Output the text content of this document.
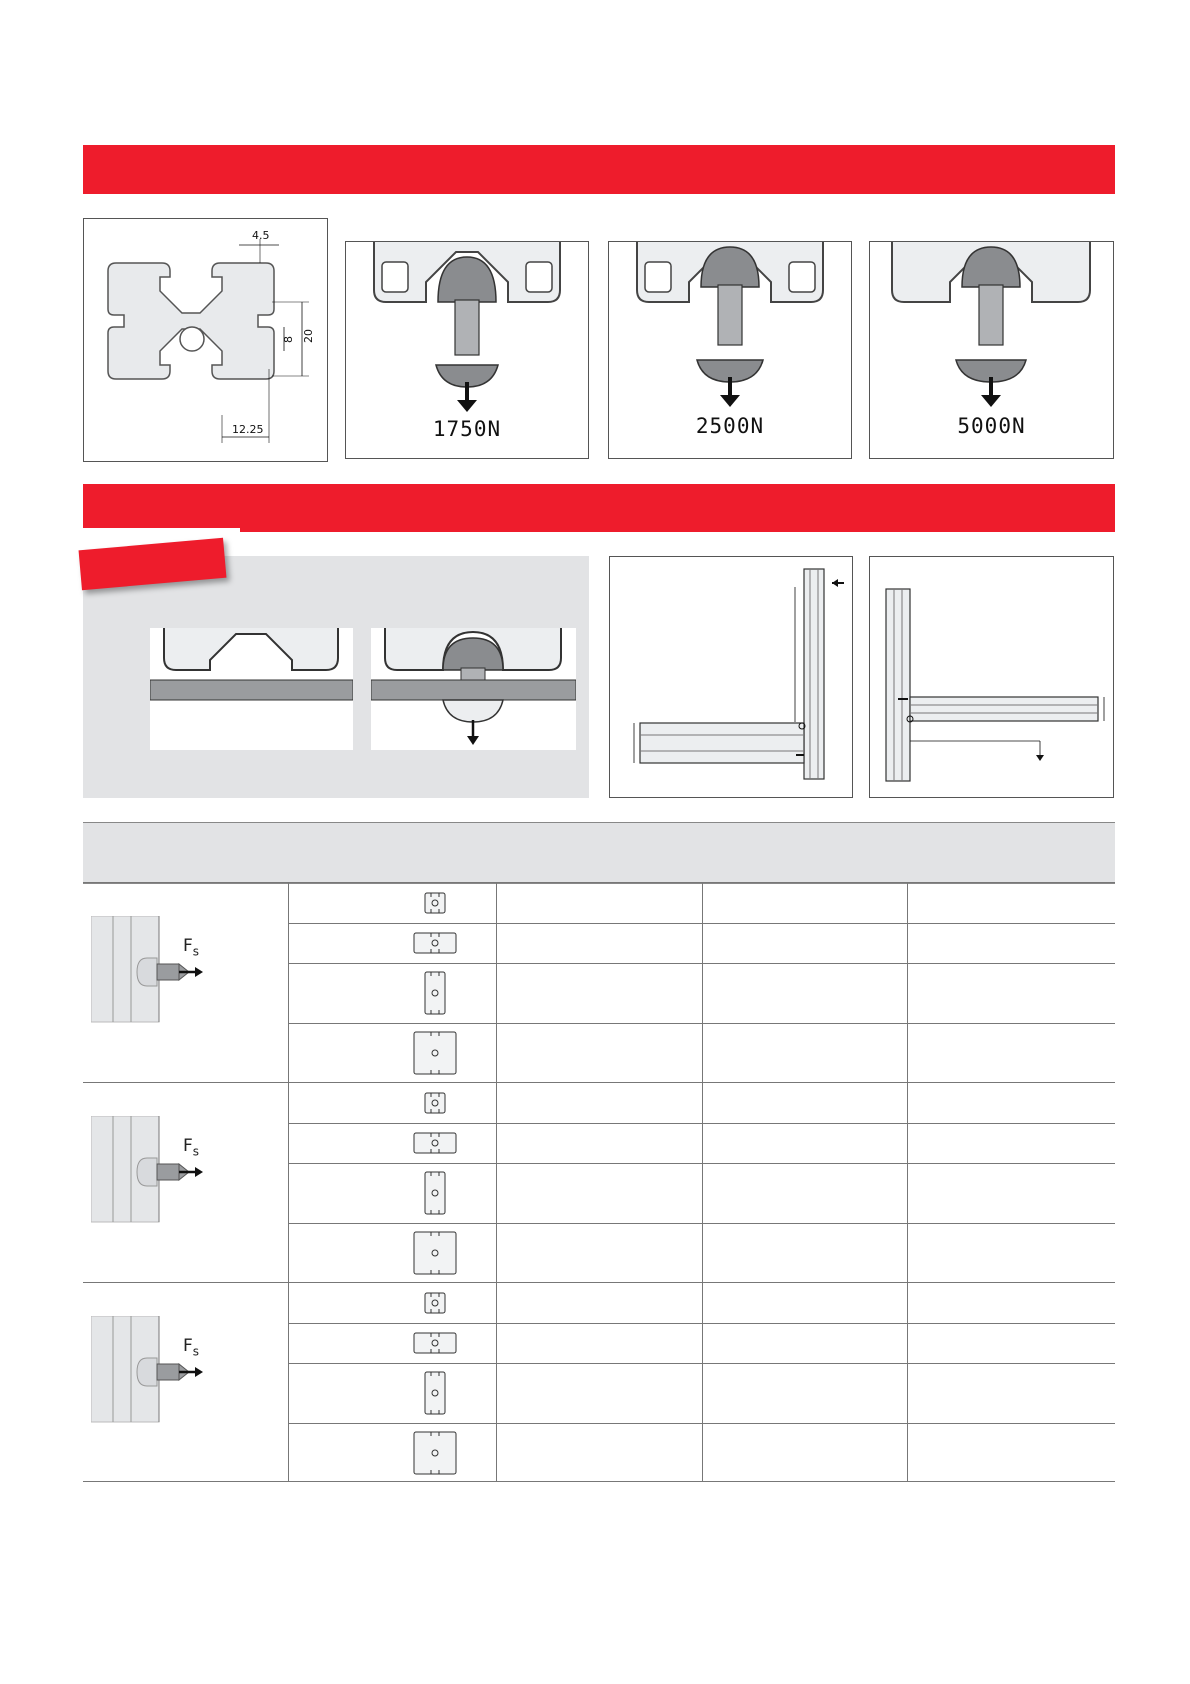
4.5
20
8
12.25	1750N	2500N	5000N
$F_s$
$F_s$
$F_s$
